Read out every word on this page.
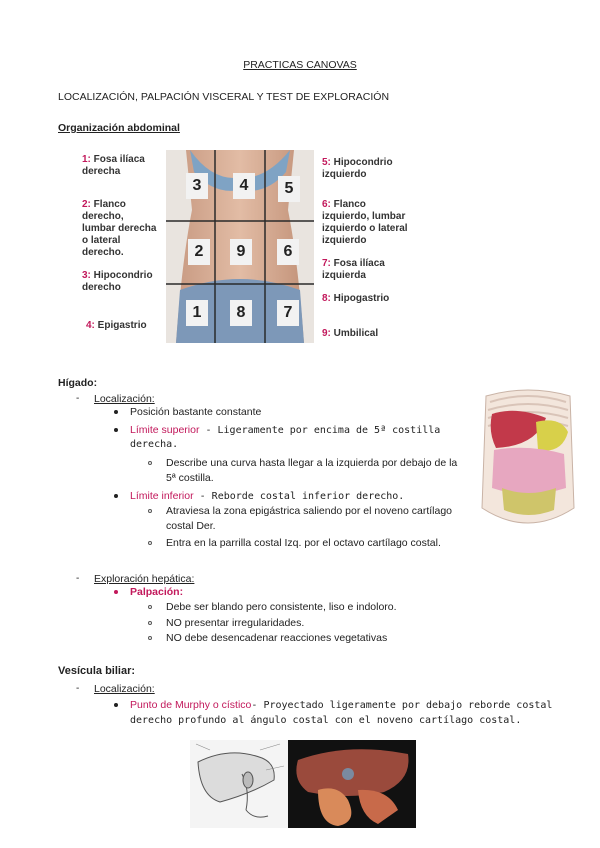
PRACTICAS CANOVAS
LOCALIZACIÓN, PALPACIÓN VISCERAL Y TEST DE EXPLORACIÓN
Organización abdominal
1: Fosa ilíaca
derecha
2: Flanco
derecho,
lumbar derecha
o lateral
derecho.
3: Hipocondrio
derecho
4: Epigastrio
3	4	5
2	9	6
1	8	7
5: Hipocondrio
izquierdo
6: Flanco
izquierdo, lumbar
izquierdo o lateral
izquierdo
7: Fosa ilíaca
izquierda
8: Hipogastrio
9: Umbilical
Hígado:
- Localización:
Posición bastante constante
Límite superior - Ligeramente por encima de 5ª costilla
derecha.
Describe una curva hasta llegar a la izquierda por debajo de la
5ª costilla.
Límite inferior - Reborde costal inferior derecho.
Atraviesa la zona epigástrica saliendo por el noveno cartílago
costal Der.
Entra en la parrilla costal Izq. por el octavo cartílago costal.
- Exploración hepática:
Palpación:
Debe ser blando pero consistente, liso e indoloro.
NO presentar irregularidades.
NO debe desencadenar reacciones vegetativas
Vesícula biliar:
- Localización:
Punto de Murphy o cístico- Proyectado ligeramente por debajo reborde costal
derecho profundo al ángulo costal con el noveno cartílago costal.
